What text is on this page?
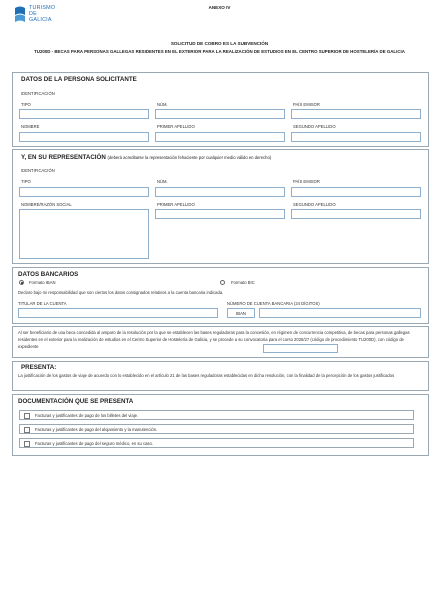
TURISMO
DE
GALICIA
ANEXO IV
SOLICITUD DE COBRO ES LA SUBVENCIÓN
TU200D - BECAS PARA PERSONAS GALLEGAS RESIDENTES EN EL EXTERIOR PARA LA REALIZACIÓN DE ESTUDIOS EN EL CENTRO SUPERIOR DE HOSTELERÍA DE GALICIA
DATOS DE LA PERSONA SOLICITANTE
IDENTIFICACIÓN
TIPO	NÚM.	PAÍS EMISOR
NOMBRE	PRIMER APELLIDO	SEGUNDO APELLIDO
Y, EN SU REPRESENTACIÓN (deberá acreditarse la representación fehaciente por cualquier medio válido en derecho)
IDENTIFICACIÓN
TIPO	NÚM.	PAÍS EMISOR
NOMBRE/RAZÓN SOCIAL	PRIMER APELLIDO	SEGUNDO APELLIDO
DATOS BANCARIOS
Formato IBAN	Formato BIC
Declaro bajo mi responsabilidad que son ciertos los datos consignados relativos a la cuenta bancaria indicada.
TITULAR DE LA CUENTA	NÚMERO DE CUENTA BANCARIA (24 DÍGITOS)
IBAN
Al ser beneficiario de una beca concedida al amparo de la resolución por la que se establecen las bases reguladoras para la concesión, en régimen de concurrencia competitiva, de becas para personas gallegas residentes en el exterior para la realización de estudios en el Centro Superior de Hostelería de Galicia, y se procede a su convocatoria para el curso 2026/27 (código de procedimiento TU200D), con código de expediente
PRESENTA:
La justificación de los gastos de viaje de acuerdo con lo establecido en el artículo 21 de las bases reguladoras establecidas en dicha resolución, con la finalidad de la percepción de los gastos justificados
DOCUMENTACIÓN QUE SE PRESENTA
Facturas y justificantes de pago de los billetes del viaje.
Facturas y justificantes de pago del alojamiento y la manutención.
Facturas y justificantes de pago del seguro médico, en su caso.
